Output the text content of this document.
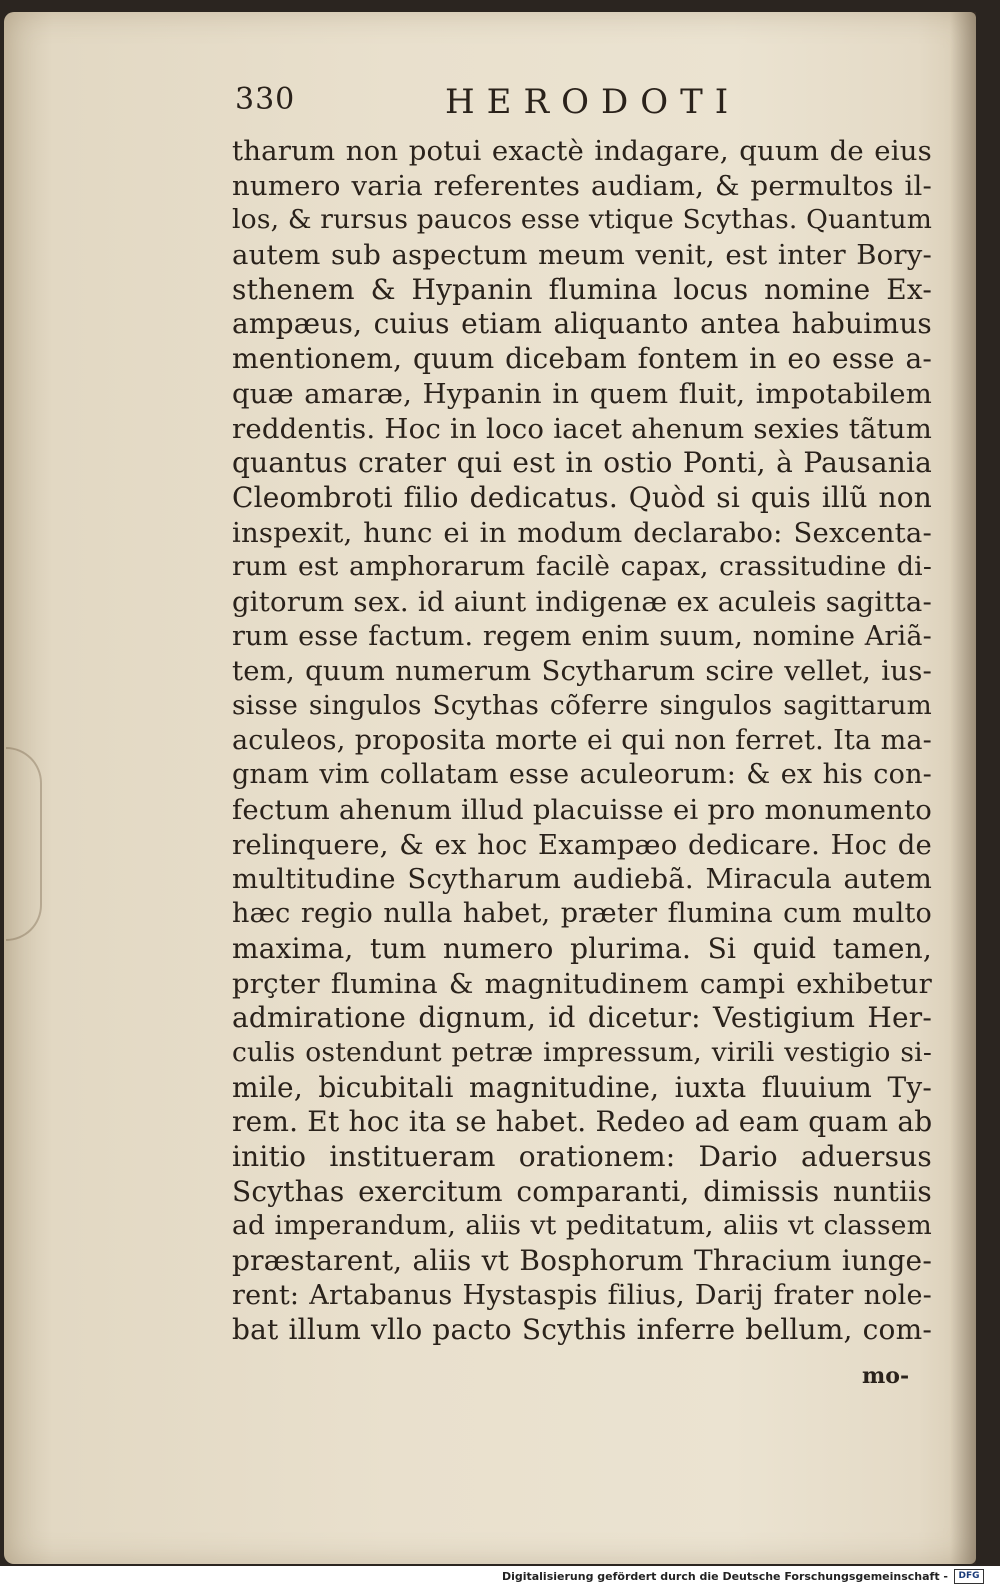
330	HERODOTI
tharum non potui exactè indagare, quum de eius
numero varia referentes audiam, & permultos il-
los, & rursus paucos esse vtique Scythas. Quantum
autem sub aspectum meum venit, est inter Bory-
sthenem & Hypanin flumina locus nomine Ex-
ampæus, cuius etiam aliquanto antea habuimus
mentionem, quum dicebam fontem in eo esse a-
quæ amaræ, Hypanin in quem fluit, impotabilem
reddentis. Hoc in loco iacet ahenum sexies tãtum
quantus crater qui est in ostio Ponti, à Pausania
Cleombroti filio dedicatus. Quòd si quis illũ non
inspexit, hunc ei in modum declarabo: Sexcenta-
rum est amphorarum facilè capax, crassitudine di-
gitorum sex. id aiunt indigenæ ex aculeis sagitta-
rum esse factum. regem enim suum, nomine Ariã-
tem, quum numerum Scytharum scire vellet, ius-
sisse singulos Scythas cõferre singulos sagittarum
aculeos, proposita morte ei qui non ferret. Ita ma-
gnam vim collatam esse aculeorum: & ex his con-
fectum ahenum illud placuisse ei pro monumento
relinquere, & ex hoc Exampæo dedicare. Hoc de
multitudine Scytharum audiebã. Miracula autem
hæc regio nulla habet, præter flumina cum multo
maxima, tum numero plurima. Si quid tamen,
prçter flumina & magnitudinem campi exhibetur
admiratione dignum, id dicetur: Vestigium Her-
culis ostendunt petræ impressum, virili vestigio si-
mile, bicubitali magnitudine, iuxta fluuium Ty-
rem. Et hoc ita se habet. Redeo ad eam quam ab
initio institueram orationem: Dario aduersus
Scythas exercitum comparanti, dimissis nuntiis
ad imperandum, aliis vt peditatum, aliis vt classem
præstarent, aliis vt Bosphorum Thracium iunge-
rent: Artabanus Hystaspis filius, Darij frater nole-
bat illum vllo pacto Scythis inferre bellum, com-
mo-
Digitalisierung gefördert durch die Deutsche Forschungsgemeinschaft -	DFG
